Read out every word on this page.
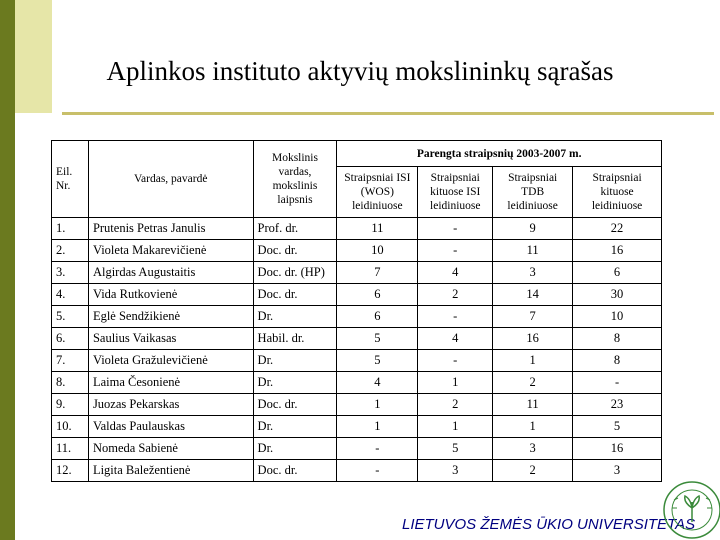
Aplinkos instituto aktyvių mokslininkų sąrašas
Eil. Nr.	Vardas, pavardė	Mokslinis vardas, mokslinis laipsnis	Parengta straipsnių 2003-2007 m.			
			Straipsniai ISI (WOS) leidiniuose	Straipsniai kituose ISI leidiniuose	Straipsniai TDB leidiniuose	Straipsniai kituose leidiniuose
1.	Prutenis Petras Janulis	Prof. dr.	11	-	9	22
2.	Violeta Makarevičienė	Doc. dr.	10	-	11	16
3.	Algirdas Augustaitis	Doc. dr. (HP)	7	4	3	6
4.	Vida Rutkovienė	Doc. dr.	6	2	14	30
5.	Eglė Sendžikienė	Dr.	6	-	7	10
6.	Saulius Vaikasas	Habil. dr.	5	4	16	8
7.	Violeta Gražulevičienė	Dr.	5	-	1	8
8.	Laima Česonienė	Dr.	4	1	2	-
9.	Juozas Pekarskas	Doc. dr.	1	2	11	23
10.	Valdas Paulauskas	Dr.	1	1	1	5
11.	Nomeda Sabienė	Dr.	-	5	3	16
12.	Ligita Baležentienė	Doc. dr.	-	3	2	3
LIETUVOS ŽEMĖS ŪKIO UNIVERSITETAS
